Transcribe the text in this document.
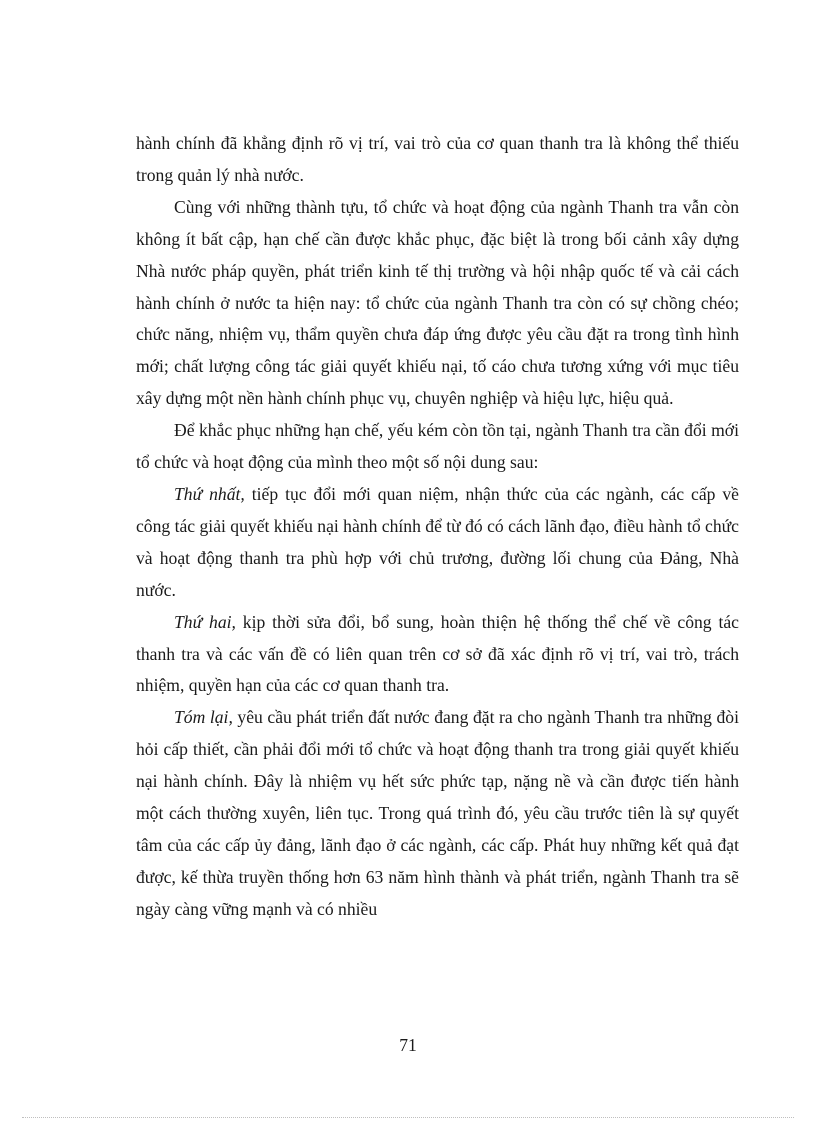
hành chính đã khẳng định rõ vị trí, vai trò của cơ quan thanh tra là không thể thiếu trong quản lý nhà nước.

Cùng với những thành tựu, tổ chức và hoạt động của ngành Thanh tra vẫn còn không ít bất cập, hạn chế cần được khắc phục, đặc biệt là trong bối cảnh xây dựng Nhà nước pháp quyền, phát triển kinh tế thị trường và hội nhập quốc tế và cải cách hành chính ở nước ta hiện nay: tổ chức của ngành Thanh tra còn có sự chồng chéo; chức năng, nhiệm vụ, thẩm quyền chưa đáp ứng được yêu cầu đặt ra trong tình hình mới; chất lượng công tác giải quyết khiếu nại, tố cáo chưa tương xứng với mục tiêu xây dựng một nền hành chính phục vụ, chuyên nghiệp và hiệu lực, hiệu quả.

Để khắc phục những hạn chế, yếu kém còn tồn tại, ngành Thanh tra cần đổi mới tổ chức và hoạt động của mình theo một số nội dung sau:

Thứ nhất, tiếp tục đổi mới quan niệm, nhận thức của các ngành, các cấp về công tác giải quyết khiếu nại hành chính để từ đó có cách lãnh đạo, điều hành tổ chức và hoạt động thanh tra phù hợp với chủ trương, đường lối chung của Đảng, Nhà nước.

Thứ hai, kịp thời sửa đổi, bổ sung, hoàn thiện hệ thống thể chế về công tác thanh tra và các vấn đề có liên quan trên cơ sở đã xác định rõ vị trí, vai trò, trách nhiệm, quyền hạn của các cơ quan thanh tra.

Tóm lại, yêu cầu phát triển đất nước đang đặt ra cho ngành Thanh tra những đòi hỏi cấp thiết, cần phải đổi mới tổ chức và hoạt động thanh tra trong giải quyết khiếu nại hành chính. Đây là nhiệm vụ hết sức phức tạp, nặng nề và cần được tiến hành một cách thường xuyên, liên tục. Trong quá trình đó, yêu cầu trước tiên là sự quyết tâm của các cấp ủy đảng, lãnh đạo ở các ngành, các cấp. Phát huy những kết quả đạt được, kế thừa truyền thống hơn 63 năm hình thành và phát triển, ngành Thanh tra sẽ ngày càng vững mạnh và có nhiều

71
